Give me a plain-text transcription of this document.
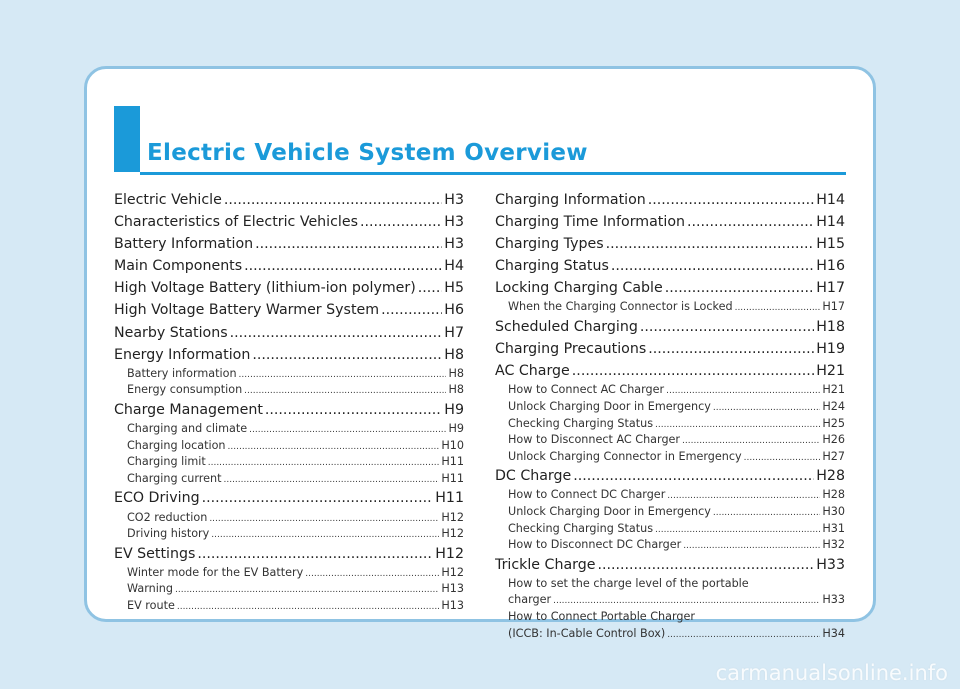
Electric Vehicle System Overview
Electric Vehicle .....	H3
Characteristics of Electric Vehicles .....	H3
Battery Information .....	H3
Main Components .....	H4
High Voltage Battery (lithium-ion polymer) ..... H5
High Voltage Battery Warmer System .....	H6
Nearby Stations .....	H7
Energy Information .....	H8
Battery information .....	H8
Energy consumption .....	H8
Charge Management .....	H9
Charging and climate .....	H9
Charging location .....	H10
Charging limit .....	H11
Charging current .....	H11
ECO Driving .....	H11
CO2 reduction .....	H12
Driving history .....	H12
EV Settings .....	H12
Winter mode for the EV Battery .....	H12
Warning .....	H13
EV route .....	H13
Charging Information .....	H14
Charging Time Information .....	H14
Charging Types .....	H15
Charging Status .....	H16
Locking Charging Cable .....	H17
When the Charging Connector is Locked .....	H17
Scheduled Charging .....	H18
Charging Precautions .....	H19
AC Charge .....	H21
How to Connect AC Charger .....	H21
Unlock Charging Door in Emergency .....	H24
Checking Charging Status .....	H25
How to Disconnect AC Charger .....	H26
Unlock Charging Connector in Emergency .....	H27
DC Charge .....	H28
How to Connect DC Charger .....	H28
Unlock Charging Door in Emergency .....	H30
Checking Charging Status .....	H31
How to Disconnect DC Charger .....	H32
Trickle Charge .....	H33
How to set the charge level of the portable
charger .....	H33
How to Connect Portable Charger
(ICCB: In-Cable Control Box) .....	H34
carmanualsonline.info
